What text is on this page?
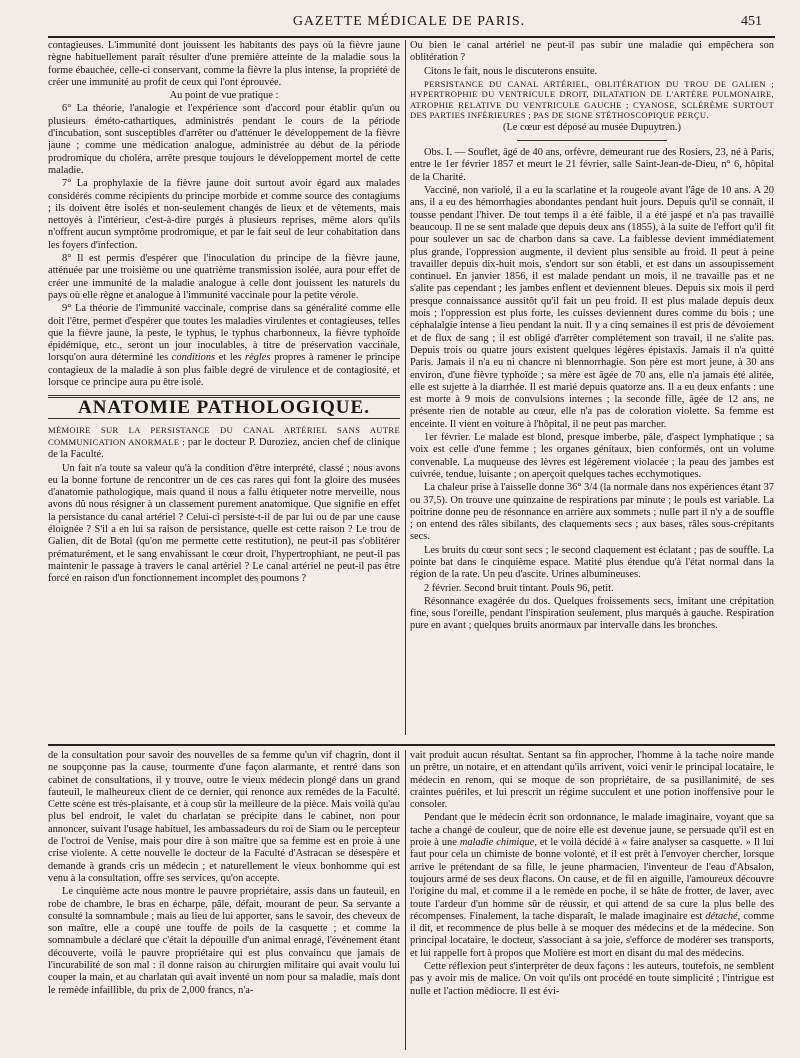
GAZETTE MÉDICALE DE PARIS.	451

contagieuses. L'immunité dont jouissent les habitants des pays où la fièvre jaune règne habituellement paraît résulter d'une première atteinte de la maladie sous la forme ébauchée, celle-ci conservant, comme la fièvre la plus intense, la propriété de créer une immunité au profit de ceux qui l'ont éprouvée.

Au point de vue pratique :

6° La théorie, l'analogie et l'expérience sont d'accord pour établir qu'un ou plusieurs éméto-cathartiques, administrés pendant le cours de la période d'incubation, sont susceptibles d'arrêter ou d'atténuer le développement de la fièvre jaune ; comme une médication analogue, administrée au début de la période prodromique du choléra, arrête presque toujours le développement mortel de cette maladie.

7° La prophylaxie de la fièvre jaune doit surtout avoir égard aux malades considérés comme récipients du principe morbide et comme source des contagiums ; ils doivent être isolés et non-seulement changés de lieux et de vêtements, mais nettoyés à l'intérieur, c'est-à-dire purgés à plusieurs reprises, même alors qu'ils n'offrent aucun symptôme prodromique, et par le fait seul de leur cohabitation dans les foyers d'infection.

8° Il est permis d'espérer que l'inoculation du principe de la fièvre jaune, atténuée par une troisième ou une quatrième transmission isolée, aura pour effet de créer une immunité de la maladie analogue à celle dont jouissent les naturels du pays où elle règne et analogue à l'immunité vaccinale pour la petite vérole.

9° La théorie de l'immunité vaccinale, comprise dans sa généralité comme elle doit l'être, permet d'espérer que toutes les maladies virulentes et contagieuses, telles que la fièvre jaune, la peste, le typhus, le typhus charbonneux, la fièvre typhoïde épidémique, etc., seront un jour inoculables, à titre de préservation vaccinale, lorsqu'on aura déterminé les conditions et les règles propres à ramener le principe contagieux de la maladie à son plus faible degré de virulence et de contagiosité, et lorsque ce principe aura pu être isolé.

ANATOMIE PATHOLOGIQUE.

MÉMOIRE SUR LA PERSISTANCE DU CANAL ARTÉRIEL SANS AUTRE COMMUNICATION ANORMALE ; par le docteur P. Duroziez, ancien chef de clinique de la Faculté.

Un fait n'a toute sa valeur qu'à la condition d'être interprété, classé ; nous avons eu la bonne fortune de rencontrer un de ces cas rares qui font la gloire des musées d'anatomie pathologique, mais quand il nous a fallu étiqueter notre merveille, nous avons dû nous résigner à un classement purement anatomique. Que signifie en effet la persistance du canal artériel ? Celui-ci persiste-t-il de par lui ou de par une cause éloignée ? S'il a en lui sa raison de persistance, quelle est cette raison ? Le trou de Galien, dit de Botal (qu'on me permette cette restitution), ne peut-il pas s'oblitérer prématurément, et le sang envahissant le cœur droit, l'hypertrophiant, ne peut-il pas maintenir le passage à travers le canal artériel ? Le canal artériel ne peut-il pas être forcé en raison d'un fonctionnement incomplet des poumons ?

Ou bien le canal artériel ne peut-il pas subir une maladie qui empêchera son oblitération ?

Citons le fait, nous le discuterons ensuite.

PERSISTANCE DU CANAL ARTÉRIEL, OBLITÉRATION DU TROU DE GALIEN ; HYPERTROPHIE DU VENTRICULE DROIT, DILATATION DE L'ARTÈRE PULMONAIRE, ATROPHIE RELATIVE DU VENTRICULE GAUCHE ; CYANOSE, SCLÉRÈME SURTOUT DES PARTIES INFÉRIEURES ; PAS DE SIGNE STÉTHOSCOPIQUE PERÇU.

(Le cœur est déposé au musée Dupuytren.)

Obs. I. — Souflet, âgé de 40 ans, orfèvre, demeurant rue des Rosiers, 23, né à Paris, entre le 1er février 1857 et meurt le 21 février, salle Saint-Jean-de-Dieu, n° 6, hôpital de la Charité.

Vacciné, non variolé, il a eu la scarlatine et la rougeole avant l'âge de 10 ans. A 20 ans, il a eu des hémorrhagies abondantes pendant huit jours. Depuis qu'il se connaît, il tousse pendant l'hiver. De tout temps il a été faible, il a été jaspé et n'a pas travaillé beaucoup. Il ne se sent malade que depuis deux ans (1855), à la suite de l'effort qu'il fit pour soulever un sac de charbon dans sa cave. La faiblesse devient immédiatement plus grande, l'oppression augmente, il devient plus sensible au froid. Il peut à peine travailler depuis dix-huit mois, s'endort sur son établi, et est dans un assoupissement continuel. En janvier 1856, il est malade pendant un mois, il ne travaille pas et ne s'alite pas cependant ; les jambes enflent et deviennent bleues. Depuis six mois il perd presque connaissance aussitôt qu'il fait un peu froid. Il est plus malade depuis deux mois ; l'oppression est plus forte, les cuisses deviennent dures comme du bois ; une céphalalgie intense a lieu pendant la nuit. Il y a cinq semaines il est pris de dévoiement et de flux de sang ; il est obligé d'arrêter complétement son travail, il ne s'alite pas. Depuis trois ou quatre jours existent quelques légères épistaxis. Jamais il n'a quitté Paris. Jamais il n'a eu ni chancre ni blennorrhagie. Son père est mort jeune, à 30 ans environ, d'une fièvre typhoïde ; sa mère est âgée de 70 ans, elle n'a jamais été alitée, elle est sujette à la diarrhée. Il est marié depuis quatorze ans. Il a eu deux enfants : une est morte à 9 mois de convulsions internes ; la seconde fille, âgée de 12 ans, ne présente rien de notable au cœur, elle n'a pas de coloration violette. Sa femme est enceinte. Il vient en voiture à l'hôpital, il ne peut pas marcher.

1er février. Le malade est blond, presque imberbe, pâle, d'aspect lymphatique ; sa voix est celle d'une femme ; les organes génitaux, bien conformés, ont un volume convenable. La muqueuse des lèvres est légèrement violacée ; la peau des jambes est cuivrée, tendue, luisante ; on aperçoit quelques taches ecchymotiques.

La chaleur prise à l'aisselle donne 36° 3/4 (la normale dans nos expériences étant 37 ou 37,5). On trouve une quinzaine de respirations par minute ; le pouls est variable. La poitrine donne peu de résonnance en arrière aux sommets ; nulle part il n'y a de souffle ; on entend des râles sibilants, des claquements secs ; aux bases, râles sous-crépitants secs.

Les bruits du cœur sont secs ; le second claquement est éclatant ; pas de souffle. La pointe bat dans le cinquième espace. Matité plus étendue qu'à l'état normal dans la région de la rate. Un peu d'ascite. Urines albumineuses.

2 février. Second bruit tintant. Pouls 96, petit.

Résonnance exagérée du dos. Quelques froissements secs, imitant une crépitation fine, sous l'oreille, pendant l'inspiration seulement, plus marqués à gauche. Respiration pure en avant ; quelques bruits anormaux par intervalle dans les bronches.

de la consultation pour savoir des nouvelles de sa femme qu'un vif chagrin, dont il ne soupçonne pas la cause, tourmente d'une façon alarmante, et rentré dans son cabinet de consultations, il y trouve, outre le vieux médecin plongé dans un grand fauteuil, le malheureux client de ce dernier, qui renonce aux remèdes de la Faculté. Cette scène est très-plaisante, et à coup sûr la meilleure de la pièce. Mais voilà qu'au plus bel endroit, le valet du charlatan se précipite dans le cabinet, non pour annoncer, suivant l'usage habituel, les ambassadeurs du roi de Siam ou le percepteur de l'octroi de Venise, mais pour dire à son maître que sa femme est en proie à une crise violente. A cette nouvelle le docteur de la Faculté d'Astracan se désespère et demande à grands cris un médecin ; et naturellement le vieux bonhomme qui est venu à la consultation, offre ses services, qu'on accepte.

Le cinquième acte nous montre le pauvre propriétaire, assis dans un fauteuil, en robe de chambre, le bras en écharpe, pâle, défait, mourant de peur. Sa servante a consulté la somnambule ; mais au lieu de lui apporter, sans le savoir, des cheveux de son maître, elle a coupé une touffe de poils de la casquette ; et comme la somnambule a déclaré que c'était la dépouille d'un animal enragé, l'événement étant découverte, voilà le pauvre propriétaire qui est plus convaincu que jamais de l'incurabilité de son mal : il donne raison au chirurgien militaire qui avait voulu lui couper la main, et au charlatan qui avait inventé un nom pour sa maladie, mais dont le remède infaillible, du prix de 2,000 francs, n'a-

vait produit aucun résultat. Sentant sa fin approcher, l'homme à la tache noire mande un prêtre, un notaire, et en attendant qu'ils arrivent, voici venir le principal locataire, le médecin en renom, qui se moque de son propriétaire, de sa pusillanimité, de ses craintes puériles, et lui prescrit un régime succulent et une potion inoffensive pour le consoler.

Pendant que le médecin écrit son ordonnance, le malade imaginaire, voyant que sa tache a changé de couleur, que de noire elle est devenue jaune, se persuade qu'il est en proie à une maladie chimique, et le voilà décidé à « faire analyser sa casquette. » Il lui faut pour cela un chimiste de bonne volonté, et il est prêt à l'envoyer chercher, lorsque arrive le prétendant de sa fille, le jeune pharmacien, l'inventeur de l'eau d'Absalon, toujours armé de ses deux flacons. On cause, et de fil en aiguille, l'amoureux découvre l'origine du mal, et comme il a le remède en poche, il se hâte de frotter, de laver, avec toute l'ardeur d'un homme sûr de réussir, et qui attend de sa cure la plus belle des récompenses. Finalement, la tache disparaît, le malade imaginaire est détaché, comme il dit, et recommence de plus belle à se moquer des médecins et de la médecine. Son principal locataire, le docteur, s'associant à sa joie, s'efforce de modérer ses transports, et lui rappelle fort à propos que Molière est mort en disant du mal des médecins.

Cette réflexion peut s'interpréter de deux façons : les auteurs, toutefois, ne semblent pas y avoir mis de malice. On voit qu'ils ont procédé en toute simplicité ; l'intrigue est nulle et l'action médiocre. Il est évi-
